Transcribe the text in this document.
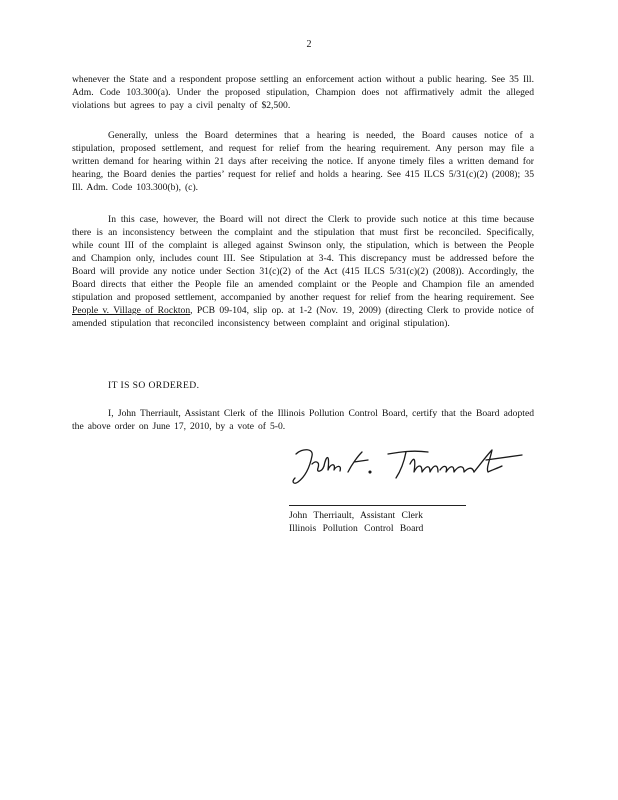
2

whenever the State and a respondent propose settling an enforcement action without a public hearing. See 35 Ill. Adm. Code 103.300(a). Under the proposed stipulation, Champion does not affirmatively admit the alleged violations but agrees to pay a civil penalty of $2,500.

Generally, unless the Board determines that a hearing is needed, the Board causes notice of a stipulation, proposed settlement, and request for relief from the hearing requirement. Any person may file a written demand for hearing within 21 days after receiving the notice. If anyone timely files a written demand for hearing, the Board denies the parties’ request for relief and holds a hearing. See 415 ILCS 5/31(c)(2) (2008); 35 Ill. Adm. Code 103.300(b), (c).

In this case, however, the Board will not direct the Clerk to provide such notice at this time because there is an inconsistency between the complaint and the stipulation that must first be reconciled. Specifically, while count III of the complaint is alleged against Swinson only, the stipulation, which is between the People and Champion only, includes count III. See Stipulation at 3-4. This discrepancy must be addressed before the Board will provide any notice under Section 31(c)(2) of the Act (415 ILCS 5/31(c)(2) (2008)). Accordingly, the Board directs that either the People file an amended complaint or the People and Champion file an amended stipulation and proposed settlement, accompanied by another request for relief from the hearing requirement. See People v. Village of Rockton, PCB 09-104, slip op. at 1-2 (Nov. 19, 2009) (directing Clerk to provide notice of amended stipulation that reconciled inconsistency between complaint and original stipulation).

IT IS SO ORDERED.

I, John Therriault, Assistant Clerk of the Illinois Pollution Control Board, certify that the Board adopted the above order on June 17, 2010, by a vote of 5-0.

John Therriault, Assistant Clerk
Illinois Pollution Control Board
